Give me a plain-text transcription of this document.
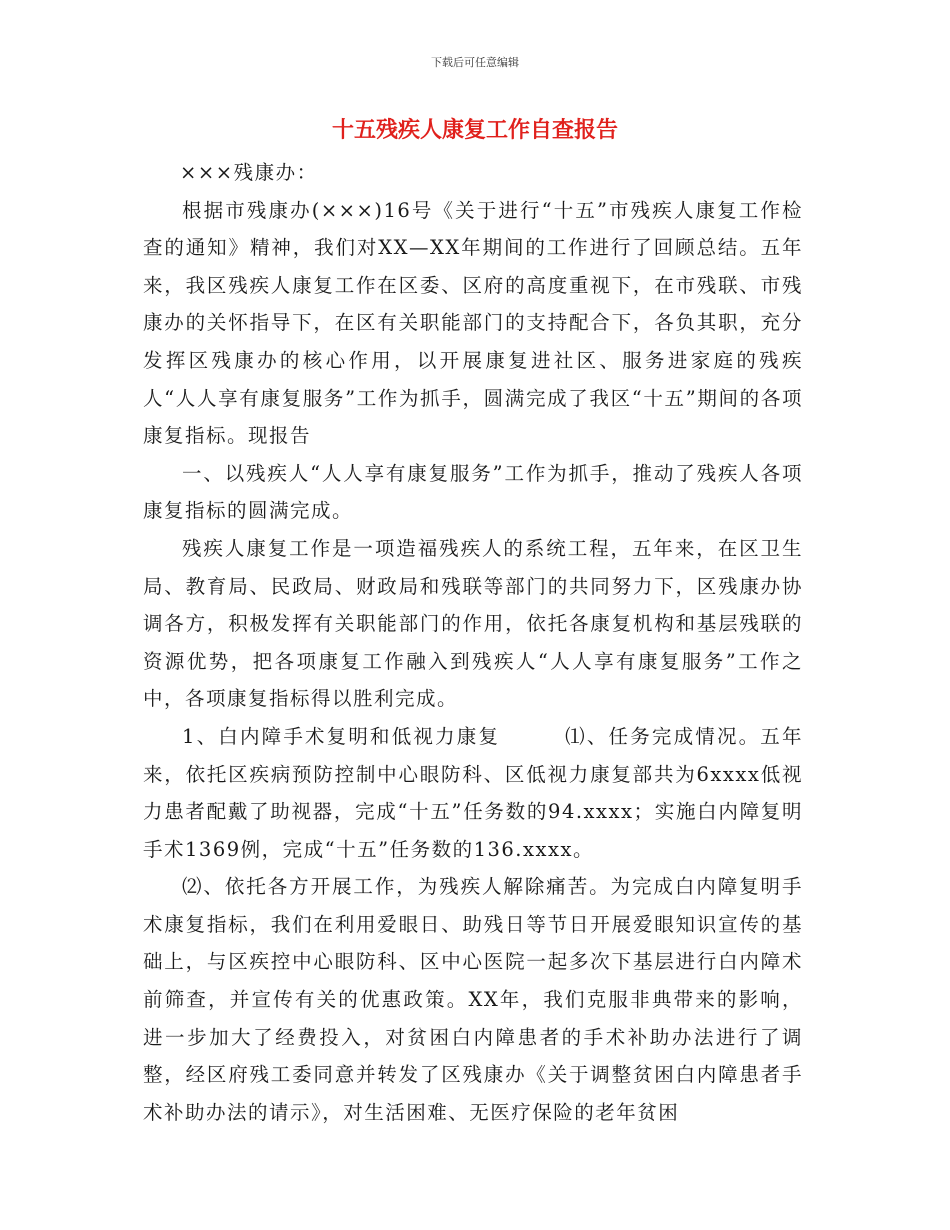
下载后可任意编辑
十五残疾人康复工作自查报告

×××残康办：

根据市残康办(×××)16号《关于进行“十五”市残疾人康复工作检查的通知》精神，我们对XX—XX年期间的工作进行了回顾总结。五年来，我区残疾人康复工作在区委、区府的高度重视下，在市残联、市残康办的关怀指导下，在区有关职能部门的支持配合下，各负其职，充分发挥区残康办的核心作用，以开展康复进社区、服务进家庭的残疾人“人人享有康复服务”工作为抓手，圆满完成了我区“十五”期间的各项康复指标。现报告

一、以残疾人“人人享有康复服务”工作为抓手，推动了残疾人各项康复指标的圆满完成。

残疾人康复工作是一项造福残疾人的系统工程，五年来，在区卫生局、教育局、民政局、财政局和残联等部门的共同努力下，区残康办协调各方，积极发挥有关职能部门的作用，依托各康复机构和基层残联的资源优势，把各项康复工作融入到残疾人“人人享有康复服务”工作之中，各项康复指标得以胜利完成。

1、白内障手术复明和低视力康复　　　⑴、任务完成情况。五年来，依托区疾病预防控制中心眼防科、区低视力康复部共为6xxxx低视力患者配戴了助视器，完成“十五”任务数的94.xxxx；实施白内障复明手术1369例，完成“十五”任务数的136.xxxx。

⑵、依托各方开展工作，为残疾人解除痛苦。为完成白内障复明手术康复指标，我们在利用爱眼日、助残日等节日开展爱眼知识宣传的基础上，与区疾控中心眼防科、区中心医院一起多次下基层进行白内障术前筛查，并宣传有关的优惠政策。XX年，我们克服非典带来的影响，进一步加大了经费投入，对贫困白内障患者的手术补助办法进行了调整，经区府残工委同意并转发了区残康办《关于调整贫困白内障患者手术补助办法的请示》，对生活困难、无医疗保险的老年贫困
